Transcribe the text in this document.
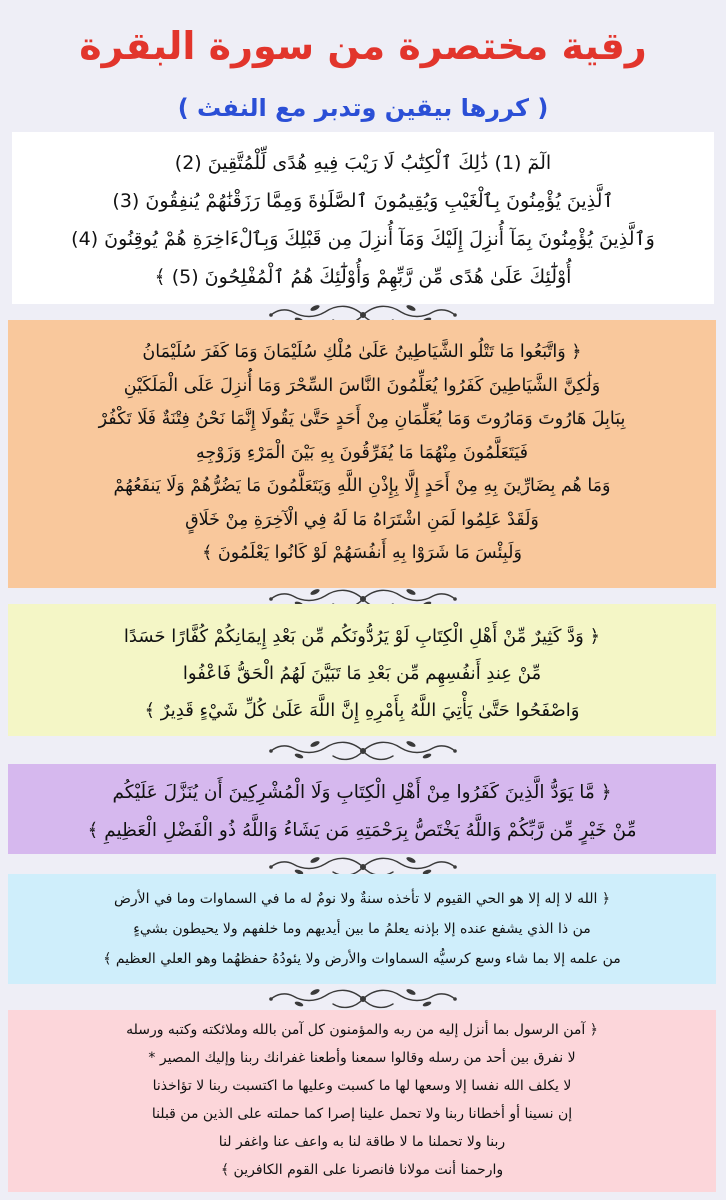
رقية مختصرة من سورة البقرة
( كررها بيقين وتدبر مع النفث )
الٓمٓ (1) ذَٰلِكَ ٱلْكِتَٰبُ لَا رَيْبَ فِيهِ هُدًى لِّلْمُتَّقِينَ (2)
ٱلَّذِينَ يُؤْمِنُونَ بِٱلْغَيْبِ وَيُقِيمُونَ ٱلصَّلَوٰةَ وَمِمَّا رَزَقْنَٰهُمْ يُنفِقُونَ (3)
وَٱلَّذِينَ يُؤْمِنُونَ بِمَآ أُنزِلَ إِلَيْكَ وَمَآ أُنزِلَ مِن قَبْلِكَ وَبِٱلْءَاخِرَةِ هُمْ يُوقِنُونَ (4)
أُوْلَٰٓئِكَ عَلَىٰ هُدًى مِّن رَّبِّهِمْ وَأُوْلَٰٓئِكَ هُمُ ٱلْمُفْلِحُونَ (5) ﴾
﴿ وَاتَّبَعُوا مَا تَتْلُو الشَّيَاطِينُ عَلَىٰ مُلْكِ سُلَيْمَانَ وَمَا كَفَرَ سُلَيْمَانُ
وَلَٰكِنَّ الشَّيَاطِينَ كَفَرُوا يُعَلِّمُونَ النَّاسَ السِّحْرَ وَمَا أُنزِلَ عَلَى الْمَلَكَيْنِ
بِبَابِلَ هَارُوتَ وَمَارُوتَ وَمَا يُعَلِّمَانِ مِنْ أَحَدٍ حَتَّىٰ يَقُولَا إِنَّمَا نَحْنُ فِتْنَةٌ فَلَا تَكْفُرْ
فَيَتَعَلَّمُونَ مِنْهُمَا مَا يُفَرِّقُونَ بِهِ بَيْنَ الْمَرْءِ وَزَوْجِهِ
وَمَا هُم بِضَارِّينَ بِهِ مِنْ أَحَدٍ إِلَّا بِإِذْنِ اللَّهِ وَيَتَعَلَّمُونَ مَا يَضُرُّهُمْ وَلَا يَنفَعُهُمْ
وَلَقَدْ عَلِمُوا لَمَنِ اشْتَرَاهُ مَا لَهُ فِي الْآخِرَةِ مِنْ خَلَاقٍ
وَلَبِئْسَ مَا شَرَوْا بِهِ أَنفُسَهُمْ لَوْ كَانُوا يَعْلَمُونَ ﴾
﴿ وَدَّ كَثِيرٌ مِّنْ أَهْلِ الْكِتَابِ لَوْ يَرُدُّونَكُم مِّن بَعْدِ إِيمَانِكُمْ كُفَّارًا حَسَدًا
مِّنْ عِندِ أَنفُسِهِم مِّن بَعْدِ مَا تَبَيَّنَ لَهُمُ الْحَقُّ فَاعْفُوا
وَاصْفَحُوا حَتَّىٰ يَأْتِيَ اللَّهُ بِأَمْرِهِ إِنَّ اللَّهَ عَلَىٰ كُلِّ شَيْءٍ قَدِيرٌ ﴾
﴿ مَّا يَوَدُّ الَّذِينَ كَفَرُوا مِنْ أَهْلِ الْكِتَابِ وَلَا الْمُشْرِكِينَ أَن يُنَزَّلَ عَلَيْكُم
مِّنْ خَيْرٍ مِّن رَّبِّكُمْ وَاللَّهُ يَخْتَصُّ بِرَحْمَتِهِ مَن يَشَاءُ وَاللَّهُ ذُو الْفَضْلِ الْعَظِيمِ ﴾
﴿ الله لا إله إلا هو الحي القيوم لا تأخذه سنةٌ ولا نومٌ له ما في السماوات وما في الأرض
من ذا الذي يشفع عنده إلا بإذنه يعلمُ ما بين أيديهم وما خلفهم ولا يحيطون بشيءٍ
من علمه إلا بما شاء وسع كرسيُّه السماوات والأرض ولا يئودُهُ حفظهُما وهو العلي العظيم ﴾
﴿ آمن الرسول بما أنزل إليه من ربه والمؤمنون كل آمن بالله وملائكته وكتبه ورسله
لا نفرق بين أحد من رسله وقالوا سمعنا وأطعنا غفرانك ربنا وإليك المصير *
لا يكلف الله نفسا إلا وسعها لها ما كسبت وعليها ما اكتسبت ربنا لا تؤاخذنا
إن نسينا أو أخطانا ربنا ولا تحمل علينا إصرا كما حملته على الذين من قبلنا
ربنا ولا تحملنا ما لا طاقة لنا به واعف عنا واغفر لنا
وارحمنا أنت مولانا فانصرنا على القوم الكافرين ﴾
